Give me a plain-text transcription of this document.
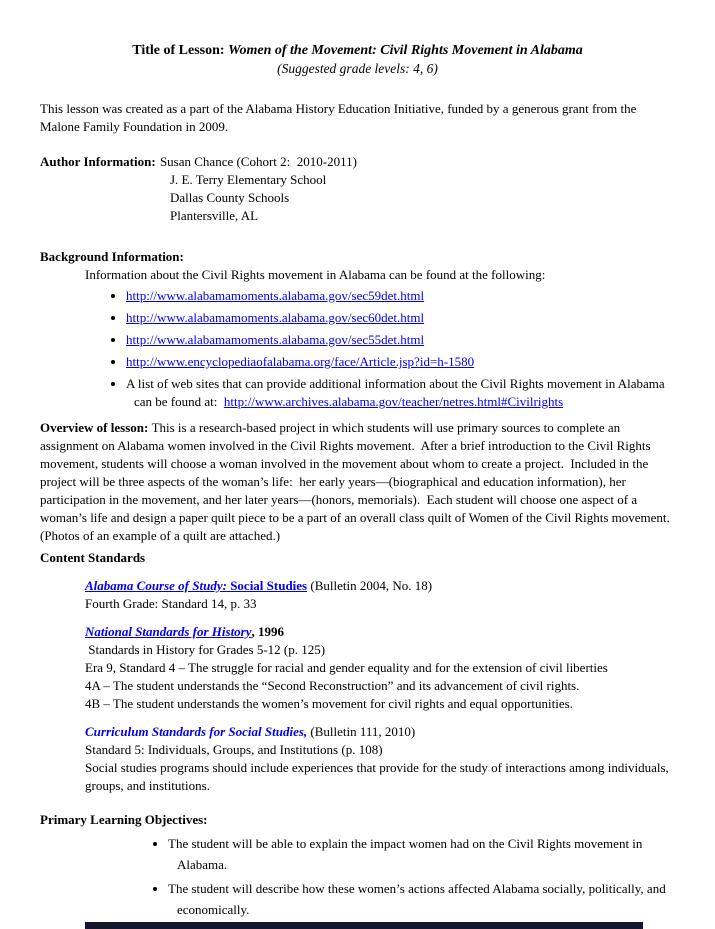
Title of Lesson: Women of the Movement: Civil Rights Movement in Alabama
(Suggested grade levels: 4, 6)

This lesson was created as a part of the Alabama History Education Initiative, funded by a generous grant from the Malone Family Foundation in 2009.

Author Information: Susan Chance (Cohort 2:  2010-2011)
J. E. Terry Elementary School
Dallas County Schools
Plantersville, AL
Background Information:
Information about the Civil Rights movement in Alabama can be found at the following:
• http://www.alabamamoments.alabama.gov/sec59det.html
• http://www.alabamamoments.alabama.gov/sec60det.html
• http://www.alabamamoments.alabama.gov/sec55det.html
• http://www.encyclopediaofalabama.org/face/Article.jsp?id=h-1580
• A list of web sites that can provide additional information about the Civil Rights movement in Alabama can be found at:  http://www.archives.alabama.gov/teacher/netres.html#Civilrights

Overview of lesson: This is a research-based project in which students will use primary sources to complete an assignment on Alabama women involved in the Civil Rights movement.  After a brief introduction to the Civil Rights movement, students will choose a woman involved in the movement about whom to create a project.  Included in the project will be three aspects of the woman’s life:  her early years—(biographical and education information), her participation in the movement, and her later years—(honors, memorials).  Each student will choose one aspect of a woman’s life and design a paper quilt piece to be a part of an overall class quilt of Women of the Civil Rights movement.  (Photos of an example of a quilt are attached.)

Content Standards
Alabama Course of Study: Social Studies (Bulletin 2004, No. 18)
Fourth Grade: Standard 14, p. 33
National Standards for History, 1996
Standards in History for Grades 5-12 (p. 125)
Era 9, Standard 4 – The struggle for racial and gender equality and for the extension of civil liberties
4A – The student understands the “Second Reconstruction” and its advancement of civil rights.
4B – The student understands the women’s movement for civil rights and equal opportunities.
Curriculum Standards for Social Studies, (Bulletin 111, 2010)
Standard 5: Individuals, Groups, and Institutions (p. 108)
Social studies programs should include experiences that provide for the study of interactions among individuals, groups, and institutions.
Primary Learning Objectives:
• The student will be able to explain the impact women had on the Civil Rights movement in Alabama.
• The student will describe how these women’s actions affected Alabama socially, politically, and economically.
